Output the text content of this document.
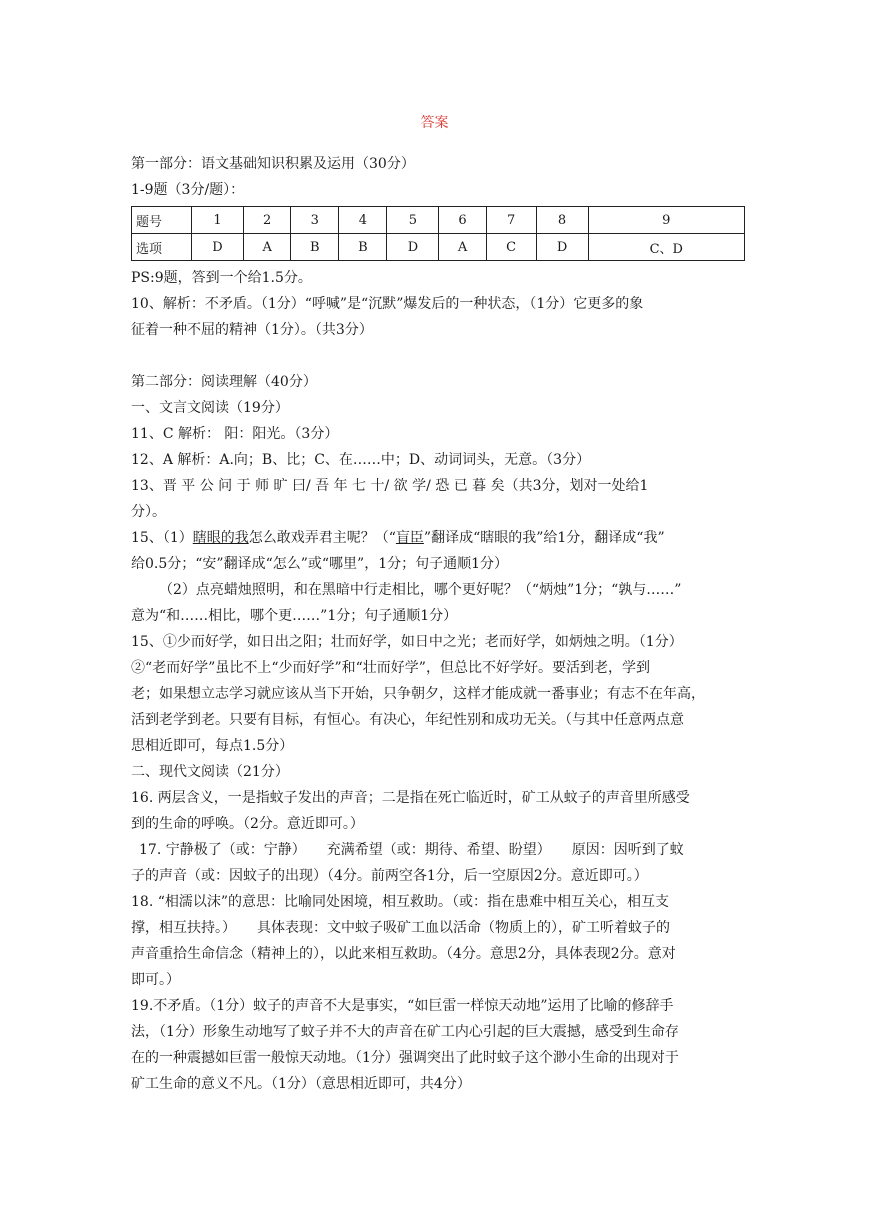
答案

第一部分：语文基础知识积累及运用（30分）

1-9题（3分/题）：

题号	1	2	3	4	5	6	7	8	9
选项	D	A	B	B	D	A	C	D	C、D

PS:9题，答到一个给1.5分。

10、解析：不矛盾。（1分）“呼喊”是“沉默”爆发后的一种状态，（1分）它更多的象

征着一种不屈的精神（1分）。（共3分）

第二部分：阅读理解（40分）

一、文言文阅读（19分）

11、C 解析： 阳：阳光。（3分）

12、A 解析：A.向；B、比；C、在……中；D、动词词头，无意。（3分）

13、晋 平 公 问 于 师 旷 曰/ 吾 年 七 十/ 欲 学/ 恐 已 暮 矣（共3分，划对一处给1

分）。

15、（1）瞎眼的我怎么敢戏弄君主呢？（“盲臣”翻译成“瞎眼的我”给1分，翻译成“我”

给0.5分；“安”翻译成“怎么”或“哪里”，1分；句子通顺1分）

（2）点亮蜡烛照明，和在黑暗中行走相比，哪个更好呢？（“炳烛”1分；“孰与……”

意为“和……相比，哪个更……”1分；句子通顺1分）

15、①少而好学，如日出之阳；壮而好学，如日中之光；老而好学，如炳烛之明。（1分）

②“老而好学”虽比不上“少而好学”和“壮而好学”，但总比不好学好。要活到老，学到

老；如果想立志学习就应该从当下开始，只争朝夕，这样才能成就一番事业；有志不在年高，

活到老学到老。只要有目标，有恒心。有决心，年纪性别和成功无关。（与其中任意两点意

思相近即可，每点1.5分）

二、现代文阅读（21分）

16. 两层含义，一是指蚊子发出的声音；二是指在死亡临近时，矿工从蚊子的声音里所感受

到的生命的呼唤。（2分。意近即可。）

17. 宁静极了（或：宁静）　　充满希望（或：期待、希望、盼望）　　原因：因听到了蚊

子的声音（或：因蚊子的出现）（4分。前两空各1分，后一空原因2分。意近即可。）

18. “相濡以沫”的意思：比喻同处困境，相互救助。（或：指在患难中相互关心，相互支

撑，相互扶持。）　　具体表现：文中蚊子吸矿工血以活命（物质上的），矿工听着蚊子的

声音重拾生命信念（精神上的），以此来相互救助。（4分。意思2分，具体表现2分。意对

即可。）

19.不矛盾。（1分）蚊子的声音不大是事实，“如巨雷一样惊天动地”运用了比喻的修辞手

法，（1分）形象生动地写了蚊子并不大的声音在矿工内心引起的巨大震撼，感受到生命存

在的一种震撼如巨雷一般惊天动地。（1分）强调突出了此时蚊子这个渺小生命的出现对于

矿工生命的意义不凡。（1分）（意思相近即可，共4分）
